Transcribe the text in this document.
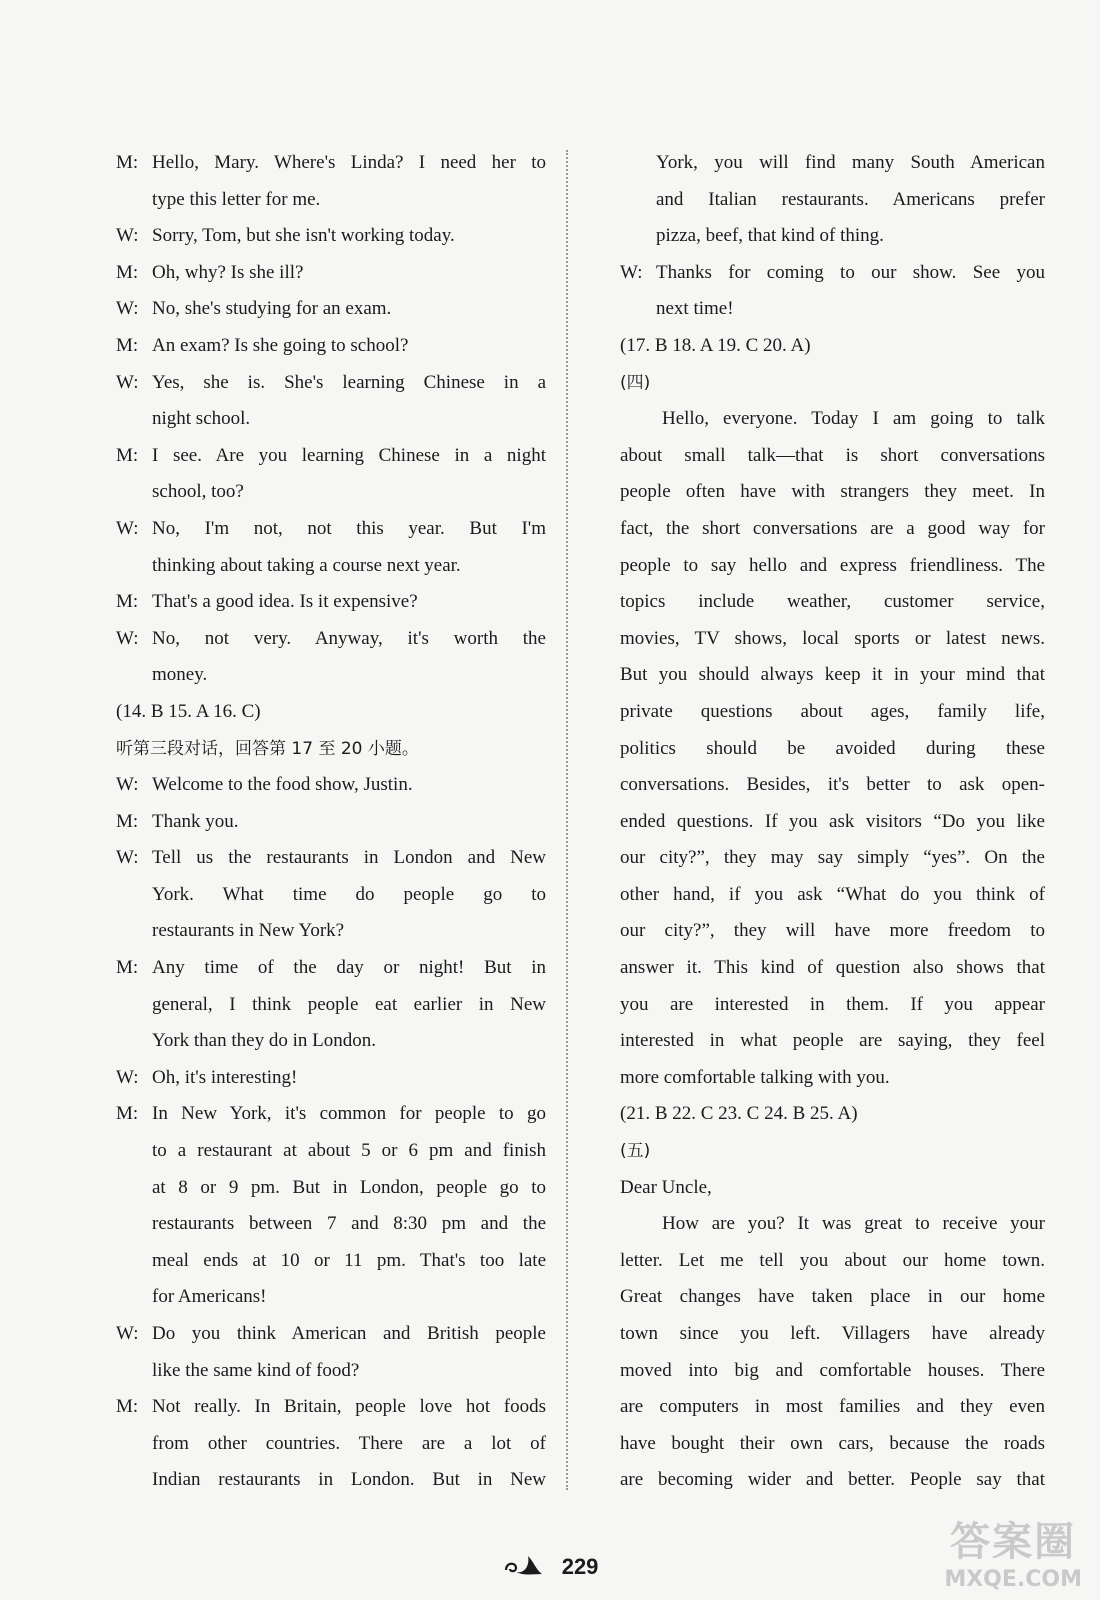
M: Hello, Mary. Where's Linda? I need her to
type this letter for me.
W: Sorry, Tom, but she isn't working today.
M: Oh, why? Is she ill?
W: No, she's studying for an exam.
M: An exam? Is she going to school?
W: Yes, she is. She's learning Chinese in a
night school.
M: I see. Are you learning Chinese in a night
school, too?
W: No, I'm not, not this year. But I'm
thinking about taking a course next year.
M: That's a good idea. Is it expensive?
W: No, not very. Anyway, it's worth the
money.
(14. B 15. A 16. C)
听第三段对话，回答第 17 至 20 小题。
W: Welcome to the food show, Justin.
M: Thank you.
W: Tell us the restaurants in London and New
York. What time do people go to
restaurants in New York?
M: Any time of the day or night! But in
general, I think people eat earlier in New
York than they do in London.
W: Oh, it's interesting!
M: In New York, it's common for people to go
to a restaurant at about 5 or 6 pm and finish
at 8 or 9 pm. But in London, people go to
restaurants between 7 and 8:30 pm and the
meal ends at 10 or 11 pm. That's too late
for Americans!
W: Do you think American and British people
like the same kind of food?
M: Not really. In Britain, people love hot foods
from other countries. There are a lot of
Indian restaurants in London. But in New
York, you will find many South American
and Italian restaurants. Americans prefer
pizza, beef, that kind of thing.
W: Thanks for coming to our show. See you
next time!
(17. B 18. A 19. C 20. A)
(四)
Hello, everyone. Today I am going to talk
about small talk—that is short conversations
people often have with strangers they meet. In
fact, the short conversations are a good way for
people to say hello and express friendliness. The
topics include weather, customer service,
movies, TV shows, local sports or latest news.
But you should always keep it in your mind that
private questions about ages, family life,
politics should be avoided during these
conversations. Besides, it's better to ask open-
ended questions. If you ask visitors “Do you like
our city?”, they may say simply “yes”. On the
other hand, if you ask “What do you think of
our city?”, they will have more freedom to
answer it. This kind of question also shows that
you are interested in them. If you appear
interested in what people are saying, they feel
more comfortable talking with you.
(21. B 22. C 23. C 24. B 25. A)
(五)
Dear Uncle,
How are you? It was great to receive your
letter. Let me tell you about our home town.
Great changes have taken place in our home
town since you left. Villagers have already
moved into big and comfortable houses. There
are computers in most families and they even
have bought their own cars, because the roads
are becoming wider and better. People say that
229
答案圈
MXQE.COM
